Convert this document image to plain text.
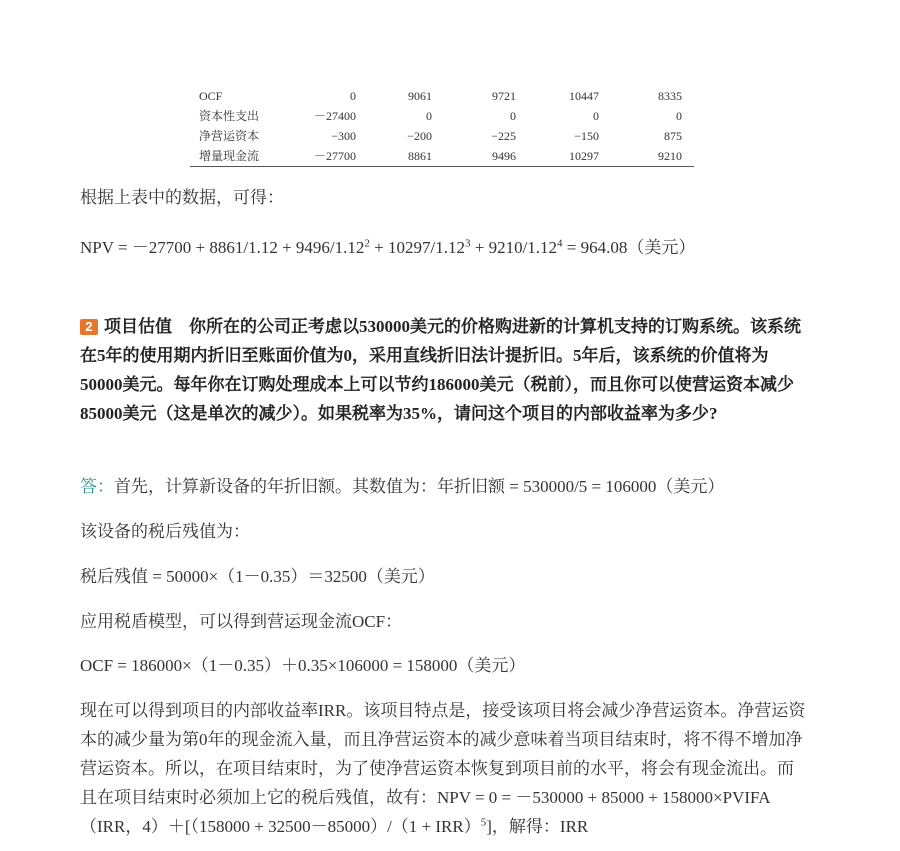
OCF	0	9061	9721	10447	8335
资本性支出	－27400	0	0	0	0
净营运资本	−300	−200	−225	−150	875
增量现金流	－27700	8861	9496	10297	9210

根据上表中的数据，可得：

NPV = $-27700 + 8861/1.12 + 9496/1.12^2 + 10297/1.12^3 + 9210/1.12^4 = 964.08$（美元）

2 项目估值　你所在的公司正考虑以530000美元的价格购进新的计算机支持的订购系统。该系统在5年的使用期内折旧至账面价值为0，采用直线折旧法计提折旧。5年后，该系统的价值将为50000美元。每年你在订购处理成本上可以节约186000美元（税前），而且你可以使营运资本减少85000美元（这是单次的减少）。如果税率为35%，请问这个项目的内部收益率为多少?

答：首先，计算新设备的年折旧额。其数值为：年折旧额 = 530000/5 = 106000（美元）

该设备的税后残值为：

税后残值 = 50000×（1－0.35）＝32500（美元）

应用税盾模型，可以得到营运现金流OCF：

OCF = 186000×（1－0.35）＋0.35×106000 = 158000（美元）

现在可以得到项目的内部收益率IRR。该项目特点是，接受该项目将会减少净营运资本。净营运资本的减少量为第0年的现金流入量，而且净营运资本的减少意味着当项目结束时，将不得不增加净营运资本。所以，在项目结束时，为了使净营运资本恢复到项目前的水平，将会有现金流出。而且在项目结束时必须加上它的税后残值，故有：NPV = 0 = －530000 + 85000 + 158000×PVIFA（IRR，4）＋[（158000 + 32500－85000）/（1 + IRR）$^5$]，解得：IRR
